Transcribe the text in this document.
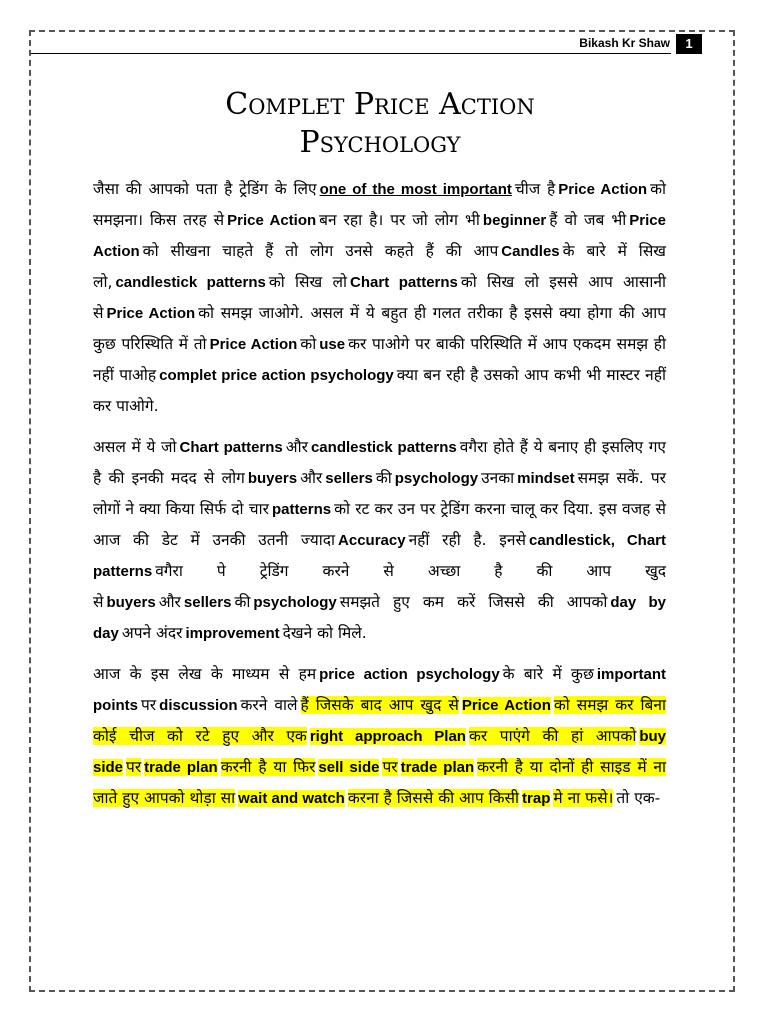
Bikash Kr Shaw	1
Complet Price Action
Psychology

जैसा की आपको पता है ट्रेडिंग के लिए one of the most important चीज है Price Action को समझना। किस तरह से Price Action बन रहा है। पर जो लोग भी beginner हैं वो जब भी Price Action को सीखना चाहते हैं तो लोग उनसे कहते हैं की आप Candles के बारे में सिख लो, candlestick patterns को सिख लो Chart patterns को सिख लो इससे आप आसानी से Price Action को समझ जाओगे. असल में ये बहुत ही गलत तरीका है इससे क्या होगा की आप कुछ परिस्थिति में तो Price Action को use कर पाओगे पर बाकी परिस्थिति में आप एकदम समझ ही नहीं पाओह complet price action psychology क्या बन रही है उसको आप कभी भी मास्टर नहीं कर पाओगे.

असल में ये जो Chart patterns और candlestick patterns वगैरा होते हैं ये बनाए ही इसलिए गए है की इनकी मदद से लोग buyers और sellers की psychology उनका mindset समझ सकें. पर लोगों ने क्या किया सिर्फ दो चार patterns को रट कर उन पर ट्रेडिंग करना चालू कर दिया. इस वजह से आज की डेट में उनकी उतनी ज्यादा Accuracy नहीं रही है. इनसे candlestick, Chart patterns वगैरा पे ट्रेडिंग करने से अच्छा है की आप खुद से buyers और sellers की psychology समझते हुए कम करें जिससे की आपको day by day अपने अंदर improvement देखने को मिले.

आज के इस लेख के माध्यम से हम price action psychology के बारे में कुछ important points पर discussion करने वाले हैं जिसके बाद आप खुद से Price Action को समझ कर बिना कोई चीज को रटे हुए और एक right approach Plan कर पाएंगे की हां आपको buy side पर trade plan करनी है या फिर sell side पर trade plan करनी है या दोनों ही साइड में ना जाते हुए आपको थोड़ा सा wait and watch करना है जिससे की आप किसी trap मे ना फसे। तो एक-
